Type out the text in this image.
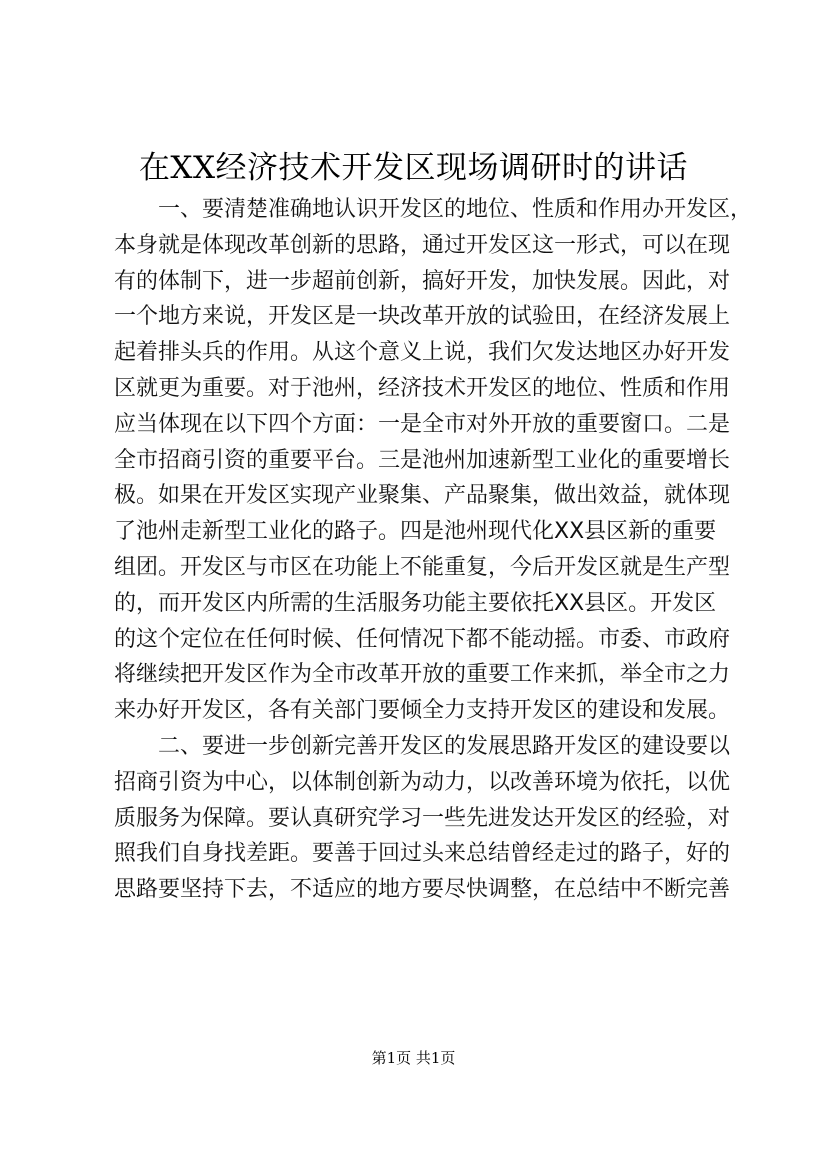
在XX经济技术开发区现场调研时的讲话
　　一、要清楚准确地认识开发区的地位、性质和作用办开发区，
本身就是体现改革创新的思路，通过开发区这一形式，可以在现
有的体制下，进一步超前创新，搞好开发，加快发展。因此，对
一个地方来说，开发区是一块改革开放的试验田，在经济发展上
起着排头兵的作用。从这个意义上说，我们欠发达地区办好开发
区就更为重要。对于池州，经济技术开发区的地位、性质和作用
应当体现在以下四个方面：一是全市对外开放的重要窗口。二是
全市招商引资的重要平台。三是池州加速新型工业化的重要增长
极。如果在开发区实现产业聚集、产品聚集，做出效益，就体现
了池州走新型工业化的路子。四是池州现代化XX县区新的重要
组团。开发区与市区在功能上不能重复，今后开发区就是生产型
的，而开发区内所需的生活服务功能主要依托XX县区。开发区
的这个定位在任何时候、任何情况下都不能动摇。市委、市政府
将继续把开发区作为全市改革开放的重要工作来抓，举全市之力
来办好开发区，各有关部门要倾全力支持开发区的建设和发展。
　　二、要进一步创新完善开发区的发展思路开发区的建设要以
招商引资为中心，以体制创新为动力，以改善环境为依托，以优
质服务为保障。要认真研究学习一些先进发达开发区的经验，对
照我们自身找差距。要善于回过头来总结曾经走过的路子，好的
思路要坚持下去，不适应的地方要尽快调整，在总结中不断完善
第1页 共1页
